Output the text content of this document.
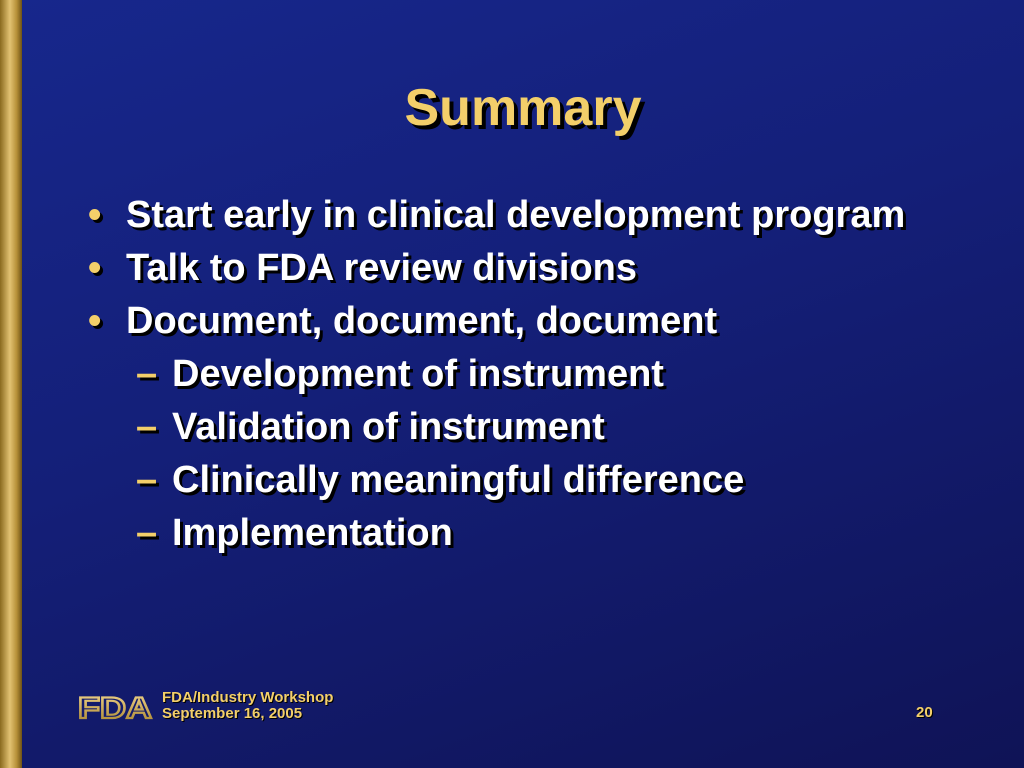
Summary
• Start early in clinical development program
• Talk to FDA review divisions
• Document, document, document
– Development of instrument
– Validation of instrument
– Clinically meaningful difference
– Implementation
FDA FDA/Industry Workshop
September 16, 2005	20
